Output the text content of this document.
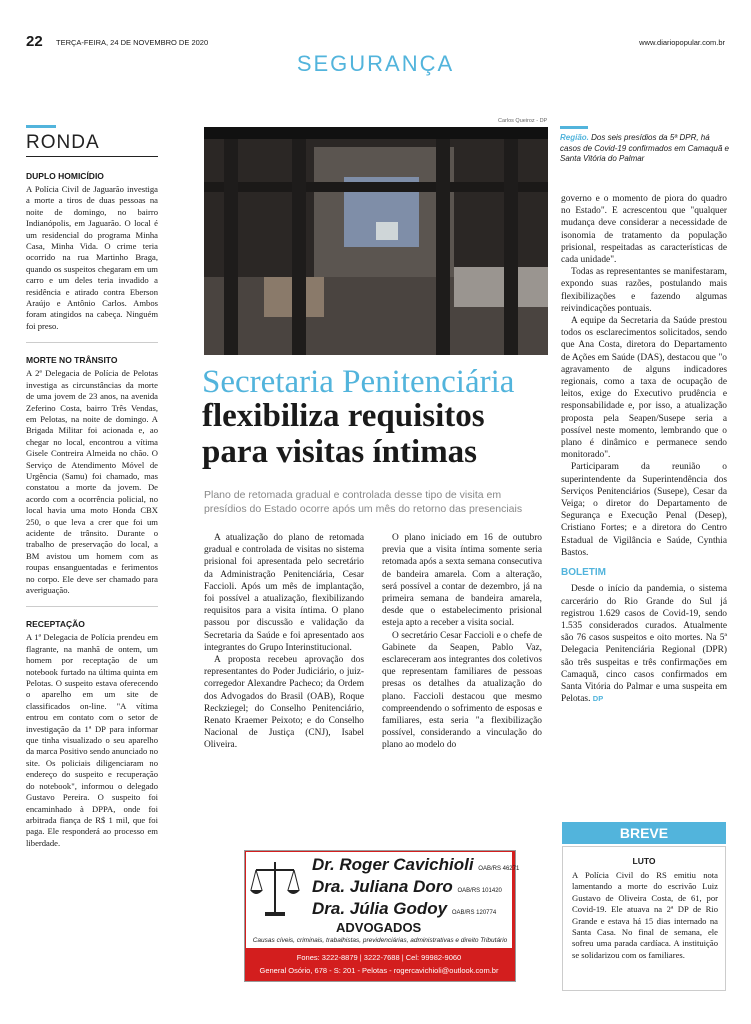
22 TERÇA-FEIRA, 24 DE NOVEMBRO DE 2020	www.diariopopular.com.br
SEGURANÇA
RONDA
DUPLO HOMICÍDIO

A Polícia Civil de Jaguarão investiga a morte a tiros de duas pessoas na noite de domingo, no bairro Indianópolis, em Jaguarão. O local é um residencial do programa Minha Casa, Minha Vida. O crime teria ocorrido na rua Martinho Braga, quando os suspeitos chegaram em um carro e um deles teria invadido a residência e atirado contra Eberson Araújo e Antônio Carlos. Ambos foram atingidos na cabeça. Ninguém foi preso.

MORTE NO TRÂNSITO

A 2ª Delegacia de Polícia de Pelotas investiga as circunstâncias da morte de uma jovem de 23 anos, na avenida Zeferino Costa, bairro Três Vendas, em Pelotas, na noite de domingo. A Brigada Militar foi acionada e, ao chegar no local, encontrou a vítima Gisele Contreira Almeida no chão. O Serviço de Atendimento Móvel de Urgência (Samu) foi chamado, mas constatou a morte da jovem. De acordo com a ocorrência policial, no local havia uma moto Honda CBX 250, o que leva a crer que foi um acidente de trânsito. Durante o trabalho de preservação do local, a BM avistou um homem com as roupas ensanguentadas e ferimentos no corpo. Ele deve ser chamado para averiguação.

RECEPTAÇÃO

A 1ª Delegacia de Polícia prendeu em flagrante, na manhã de ontem, um homem por receptação de um notebook furtado na última quinta em Pelotas. O suspeito estava oferecendo o aparelho em um site de classificados on-line. "A vítima entrou em contato com o setor de investigação da 1ª DP para informar que tinha visualizado o seu aparelho da marca Positivo sendo anunciado no site. Os policiais diligenciaram no endereço do suspeito e recuperação do notebook", informou o delegado Gustavo Pereira. O suspeito foi encaminhado à DPPA, onde foi arbitrada fiança de R$ 1 mil, que foi paga. Ele responderá ao processo em liberdade.

Carlos Queiroz - DP
Região. Dos seis presídios da 5ª DPR, há casos de Covid-19 confirmados em Camaquã e Santa Vitória do Palmar
Secretaria Penitenciária
flexibiliza requisitos para visitas íntimas
Plano de retomada gradual e controlada desse tipo de visita em presídios do Estado ocorre após um mês do retorno das presenciais

A atualização do plano de retomada gradual e controlada de visitas no sistema prisional foi apresentada pelo secretário da Administração Penitenciária, Cesar Faccioli. Após um mês de implantação, foi possível a atualização, flexibilizando requisitos para a visita íntima. O plano passou por discussão e validação da Secretaria da Saúde e foi apresentado aos integrantes do Grupo Interinstitucional.

A proposta recebeu aprovação dos representantes do Poder Judiciário, o juiz-corregedor Alexandre Pacheco; da Ordem dos Advogados do Brasil (OAB), Roque Reckziegel; do Conselho Penitenciário, Renato Kraemer Peixoto; e do Conselho Nacional de Justiça (CNJ), Isabel Oliveira.

O plano iniciado em 16 de outubro previa que a visita íntima somente seria retomada após a sexta semana consecutiva de bandeira amarela. Com a alteração, será possível a contar de dezembro, já na primeira semana de bandeira amarela, desde que o estabelecimento prisional esteja apto a receber a visita social.

O secretário Cesar Faccioli e o chefe de Gabinete da Seapen, Pablo Vaz, esclareceram aos integrantes dos coletivos que representam familiares de pessoas presas os detalhes da atualização do plano. Faccioli destacou que mesmo compreendendo o sofrimento de esposas e familiares, esta seria "a flexibilização possível, considerando a vinculação do plano ao modelo do

governo e o momento de piora do quadro no Estado". E acrescentou que "qualquer mudança deve considerar a necessidade de isonomia de tratamento da população prisional, respeitadas as características de cada unidade".

Todas as representantes se manifestaram, expondo suas razões, postulando mais flexibilizações e fazendo algumas reivindicações pontuais.

A equipe da Secretaria da Saúde prestou todos os esclarecimentos solicitados, sendo que Ana Costa, diretora do Departamento de Ações em Saúde (DAS), destacou que "o agravamento de alguns indicadores regionais, como a taxa de ocupação de leitos, exige do Executivo prudência e responsabilidade e, por isso, a atualização proposta pela Seapen/Susepe seria a possível neste momento, lembrando que o plano é dinâmico e permanece sendo monitorado".

Participaram da reunião o superintendente da Superintendência dos Serviços Penitenciários (Susepe), Cesar da Veiga; o diretor do Departamento de Segurança e Execução Penal (Desep), Cristiano Fortes; e a diretora do Centro Estadual de Vigilância e Saúde, Cynthia Bastos.

BOLETIM

Desde o início da pandemia, o sistema carcerário do Rio Grande do Sul já registrou 1.629 casos de Covid-19, sendo 1.535 considerados curados. Atualmente são 76 casos suspeitos e oito mortes. Na 5ª Delegacia Penitenciária Regional (DPR) são três suspeitas e três confirmações em Camaquã, cinco casos confirmados em Santa Vitória do Palmar e uma suspeita em Pelotas. DP

BREVE
LUTO
A Polícia Civil do RS emitiu nota lamentando a morte do escrivão Luiz Gustavo de Oliveira Costa, de 61, por Covid-19. Ele atuava na 2ª DP de Rio Grande e estava há 15 dias internado na Santa Casa. No final de semana, ele sofreu uma parada cardíaca. A instituição se solidarizou com os familiares.
Dr. Roger Cavichioli OAB/RS 46271
Dra. Juliana Doro OAB/RS 101420
Dra. Júlia Godoy OAB/RS 120774
ADVOGADOS
Causas cíveis, criminais, trabalhistas, previdenciárias, administrativas e direito Tributário
Fones: 3222-8879 | 3222-7688 | Cel: 99982-9060
General Osório, 678 - S: 201 - Pelotas - rogercavichioli@outlook.com.br
